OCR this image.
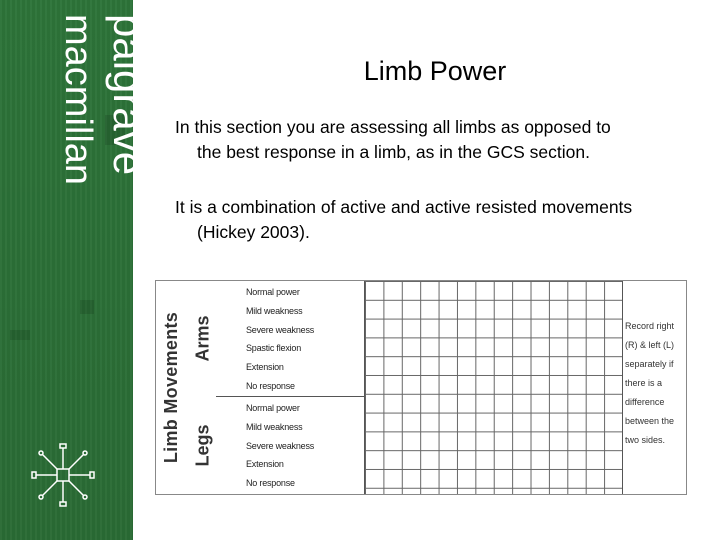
palgrave
macmillan	Limb Power
In this section you are assessing all limbs as opposed to
the best response in a limb, as in the GCS section.
It is a combination of active and active resisted movements
(Hickey 2003).
Limb Movements Arms
Legs
Normal power
Mild weakness
Severe weakness
Spastic flexion
Extension
No response
Normal power
Mild weakness
Severe weakness
Extension
No response
Record right (R) & left (L) separately if there is a difference between the two sides.
